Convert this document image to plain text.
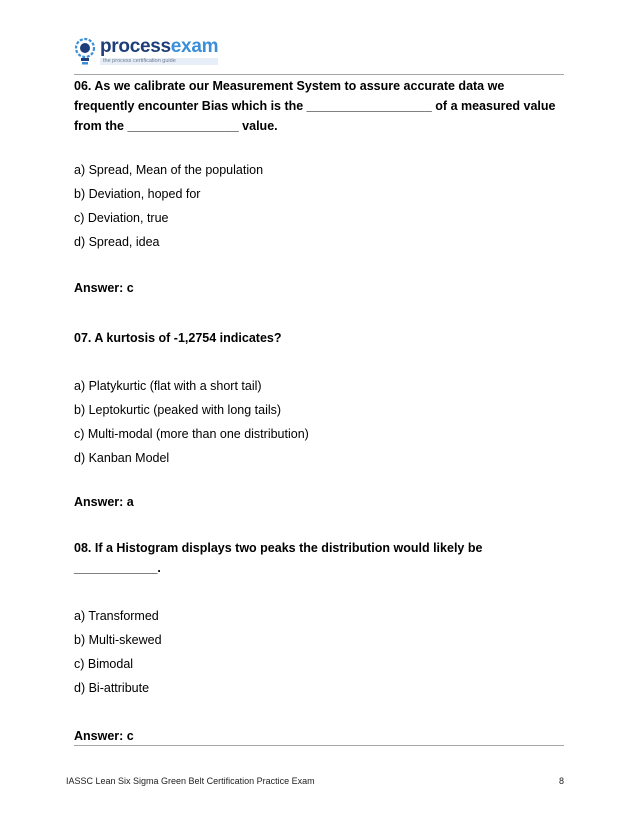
processexam
the process certification guide

06. As we calibrate our Measurement System to assure accurate data we frequently encounter Bias which is the __________________ of a measured value from the ________________ value.

a) Spread, Mean of the population

b) Deviation, hoped for

c) Deviation, true

d) Spread, idea

Answer: c

07. A kurtosis of -1,2754 indicates?

a) Platykurtic (flat with a short tail)

b) Leptokurtic (peaked with long tails)

c) Multi-modal (more than one distribution)

d) Kanban Model

Answer: a

08. If a Histogram displays two peaks the distribution would likely be ____________.

a) Transformed

b) Multi-skewed

c) Bimodal

d) Bi-attribute

Answer: c

IASSC Lean Six Sigma Green Belt Certification Practice Exam	8
